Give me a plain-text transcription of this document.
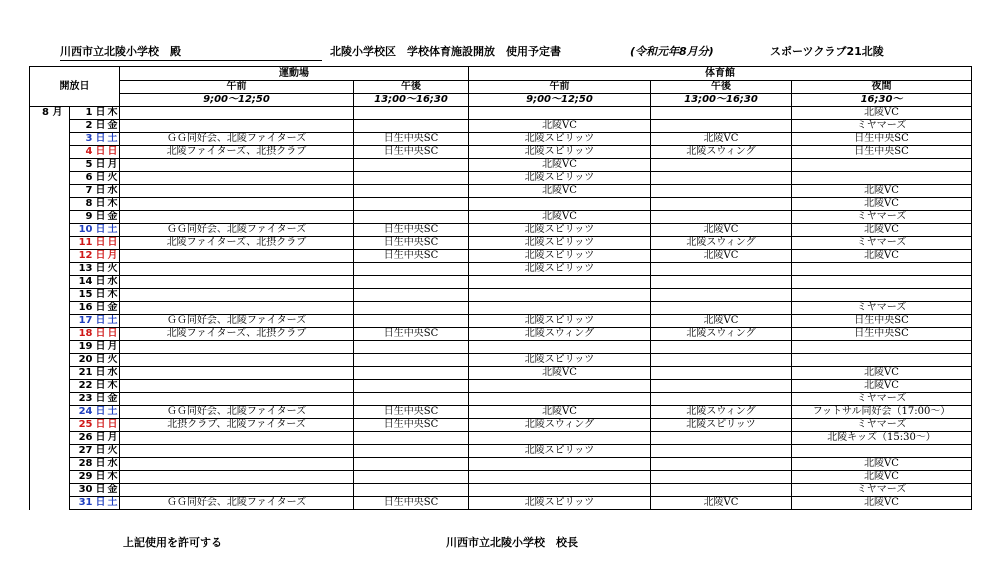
川西市立北陵小学校　殿	北陵小学校区　学校体育施設開放　使用予定書	(令和元年8月分)	スポーツクラブ21北陵
開放日				運動場		体育館		
				午前	午後	午前	午後	夜間
				9;00～12;50	13;00～16;30	9;00～12;50	13;00～16;30	16;30～
8 月	1	日	木					北陵VC
	2	日	金			北陵VC		ミヤマーズ
	3	日	土	ＧＧ同好会、北陵ファイターズ	日生中央SC	北陵スピリッツ	北陵VC	日生中央SC
	4	日	日	北陵ファイターズ、北摂クラブ	日生中央SC	北陵スピリッツ	北陵スウィング	日生中央SC
	5	日	月			北陵VC		
	6	日	火			北陵スピリッツ		
	7	日	水			北陵VC		北陵VC
	8	日	木					北陵VC
	9	日	金			北陵VC		ミヤマーズ
	10	日	土	ＧＧ同好会、北陵ファイターズ	日生中央SC	北陵スピリッツ	北陵VC	北陵VC
	11	日	日	北陵ファイターズ、北摂クラブ	日生中央SC	北陵スピリッツ	北陵スウィング	ミヤマーズ
	12	日	月		日生中央SC	北陵スピリッツ	北陵VC	北陵VC
	13	日	火			北陵スピリッツ		
	14	日	水					
	15	日	木					
	16	日	金					ミヤマーズ
	17	日	土	ＧＧ同好会、北陵ファイターズ		北陵スピリッツ	北陵VC	日生中央SC
	18	日	日	北陵ファイターズ、北摂クラブ	日生中央SC	北陵スウィング	北陵スウィング	日生中央SC
	19	日	月					
	20	日	火			北陵スピリッツ		
	21	日	水			北陵VC		北陵VC
	22	日	木					北陵VC
	23	日	金					ミヤマーズ
	24	日	土	ＧＧ同好会、北陵ファイターズ	日生中央SC	北陵VC	北陵スウィング	フットサル同好会（17:00～）
	25	日	日	北摂クラブ、北陵ファイターズ	日生中央SC	北陵スウィング	北陵スピリッツ	ミヤマーズ
	26	日	月					北陵キッズ（15:30～）
	27	日	火			北陵スピリッツ		
	28	日	水					北陵VC
	29	日	木					北陵VC
	30	日	金					ミヤマーズ
	31	日	土	ＧＧ同好会、北陵ファイターズ	日生中央SC	北陵スピリッツ	北陵VC	北陵VC
上記使用を許可する	川西市立北陵小学校　校長
